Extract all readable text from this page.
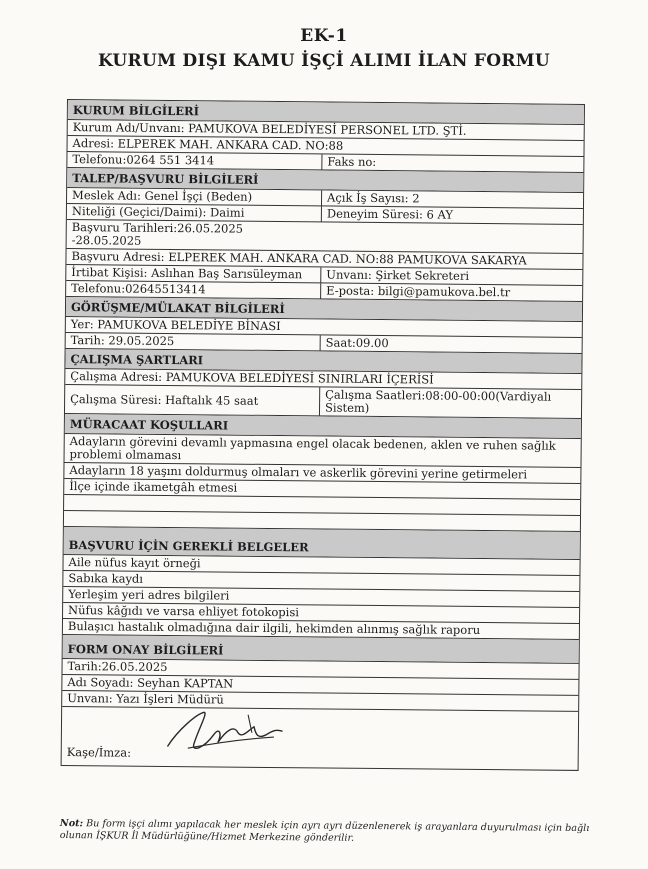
EK-1
KURUM DIŞI KAMU İŞÇİ ALIMI İLAN FORMU
KURUM BİLGİLERİ
Kurum Adı/Unvanı: PAMUKOVA BELEDİYESİ PERSONEL LTD. ŞTİ.
Adresi: ELPEREK MAH. ANKARA CAD. NO:88
Telefonu:0264 551 3414	Faks no:
TALEP/BAŞVURU BİLGİLERİ
Meslek Adı: Genel İşçi (Beden)	Açık İş Sayısı: 2
Niteliği (Geçici/Daimi): Daimi	Deneyim Süresi: 6 AY
Başvuru Tarihleri:26.05.2025
-28.05.2025
Başvuru Adresi: ELPEREK MAH. ANKARA CAD. NO:88 PAMUKOVA SAKARYA
İrtibat Kişisi: Aslıhan Baş Sarısüleyman	Unvanı: Şirket Sekreteri
Telefonu:02645513414	E-posta: bilgi@pamukova.bel.tr
GÖRÜŞME/MÜLAKAT BİLGİLERİ
Yer: PAMUKOVA BELEDİYE BİNASI
Tarih: 29.05.2025	Saat:09.00
ÇALIŞMA ŞARTLARI
Çalışma Adresi: PAMUKOVA BELEDİYESİ SINIRLARI İÇERİSİ
Çalışma Süresi: Haftalık 45 saat	Çalışma Saatleri:08:00-00:00(Vardiyalı Sistem)
MÜRACAAT KOŞULLARI
Adayların görevini devamlı yapmasına engel olacak bedenen, aklen ve ruhen sağlık problemi olmaması
Adayların 18 yaşını doldurmuş olmaları ve askerlik görevini yerine getirmeleri
İlçe içinde ikametgâh etmesi
BAŞVURU İÇİN GEREKLİ BELGELER
Aile nüfus kayıt örneği
Sabıka kaydı
Yerleşim yeri adres bilgileri
Nüfus kâğıdı ve varsa ehliyet fotokopisi
Bulaşıcı hastalık olmadığına dair ilgili, hekimden alınmış sağlık raporu
FORM ONAY BİLGİLERİ
Tarih:26.05.2025
Adı Soyadı: Seyhan KAPTAN
Unvanı: Yazı İşleri Müdürü
Kaşe/İmza:
Not: Bu form işçi alımı yapılacak her meslek için ayrı ayrı düzenlenerek iş arayanlara duyurulması için bağlı olunan İŞKUR İl Müdürlüğüne/Hizmet Merkezine gönderilir.
